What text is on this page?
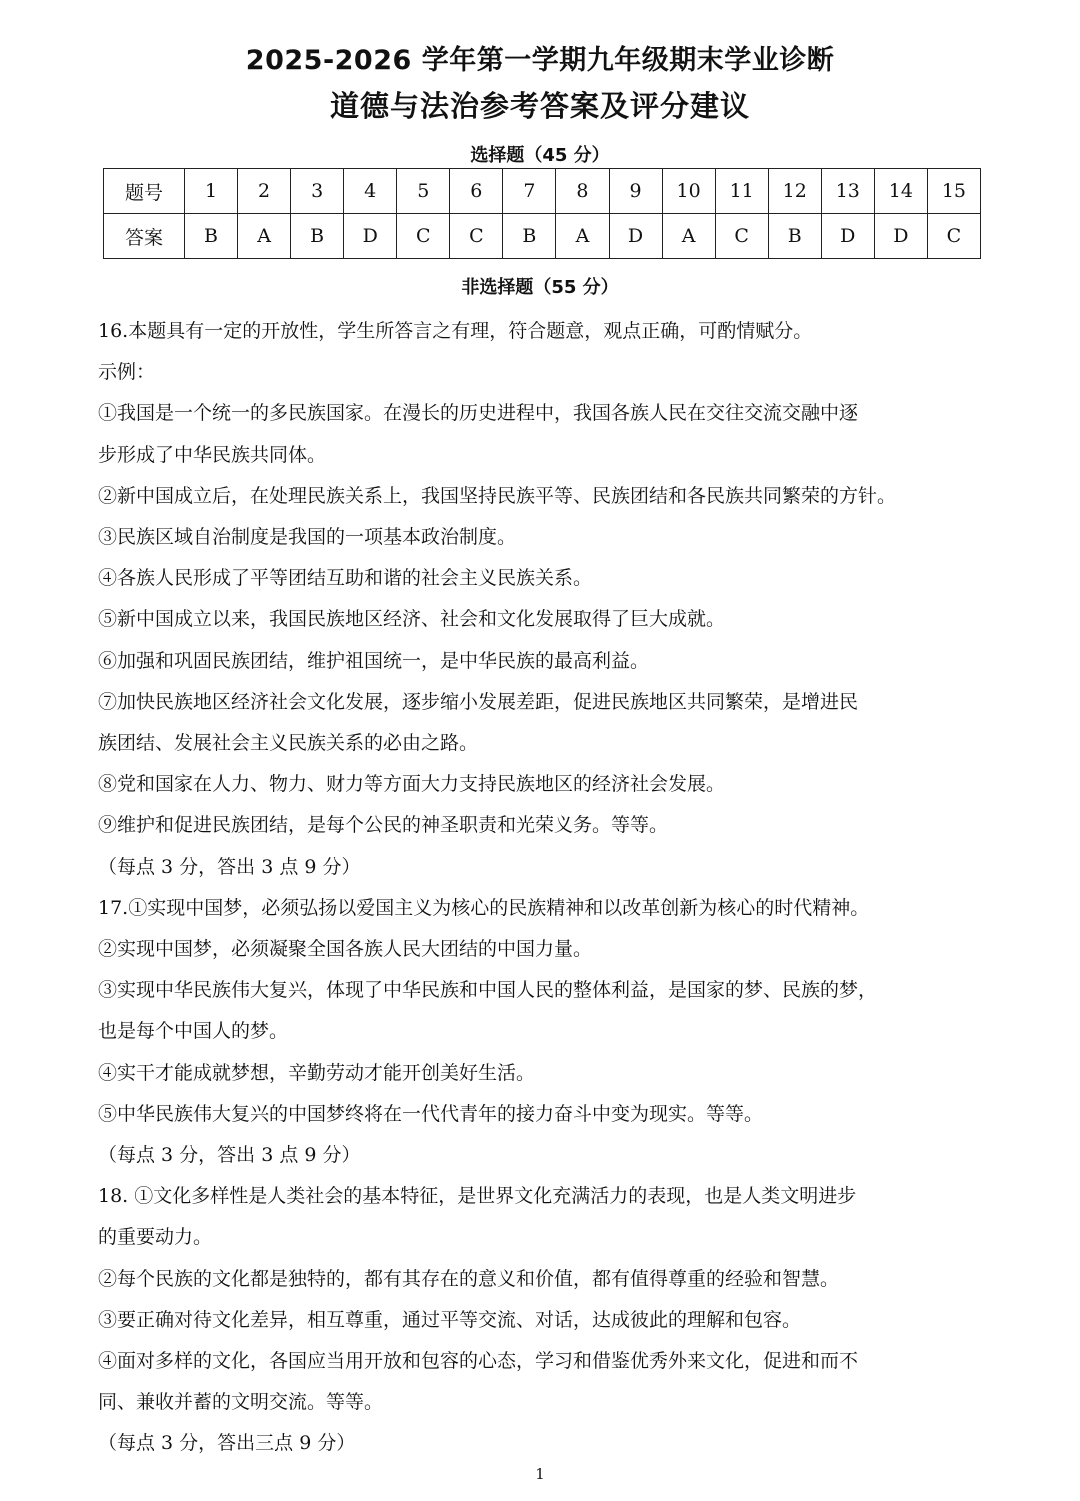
2025-2026 学年第一学期九年级期末学业诊断
道德与法治参考答案及评分建议
选择题（45 分）
题号	1	2	3	4	5	6	7	8	9	10	11	12	13	14	15
答案	B	A	B	D	C	C	B	A	D	A	C	B	D	D	C
非选择题（55 分）

16.本题具有一定的开放性，学生所答言之有理，符合题意，观点正确，可酌情赋分。

示例：

①我国是一个统一的多民族国家。在漫长的历史进程中，我国各族人民在交往交流交融中逐

步形成了中华民族共同体。

②新中国成立后，在处理民族关系上，我国坚持民族平等、民族团结和各民族共同繁荣的方针。

③民族区域自治制度是我国的一项基本政治制度。

④各族人民形成了平等团结互助和谐的社会主义民族关系。

⑤新中国成立以来，我国民族地区经济、社会和文化发展取得了巨大成就。

⑥加强和巩固民族团结，维护祖国统一，是中华民族的最高利益。

⑦加快民族地区经济社会文化发展，逐步缩小发展差距，促进民族地区共同繁荣，是增进民

族团结、发展社会主义民族关系的必由之路。

⑧党和国家在人力、物力、财力等方面大力支持民族地区的经济社会发展。

⑨维护和促进民族团结，是每个公民的神圣职责和光荣义务。等等。

（每点 3 分，答出 3 点 9 分）

17.①实现中国梦，必须弘扬以爱国主义为核心的民族精神和以改革创新为核心的时代精神。

②实现中国梦，必须凝聚全国各族人民大团结的中国力量。

③实现中华民族伟大复兴，体现了中华民族和中国人民的整体利益，是国家的梦、民族的梦，

也是每个中国人的梦。

④实干才能成就梦想，辛勤劳动才能开创美好生活。

⑤中华民族伟大复兴的中国梦终将在一代代青年的接力奋斗中变为现实。等等。

（每点 3 分，答出 3 点 9 分）

18. ①文化多样性是人类社会的基本特征，是世界文化充满活力的表现，也是人类文明进步

的重要动力。

②每个民族的文化都是独特的，都有其存在的意义和价值，都有值得尊重的经验和智慧。

③要正确对待文化差异，相互尊重，通过平等交流、对话，达成彼此的理解和包容。

④面对多样的文化，各国应当用开放和包容的心态，学习和借鉴优秀外来文化，促进和而不

同、兼收并蓄的文明交流。等等。

（每点 3 分，答出三点 9 分）

1
